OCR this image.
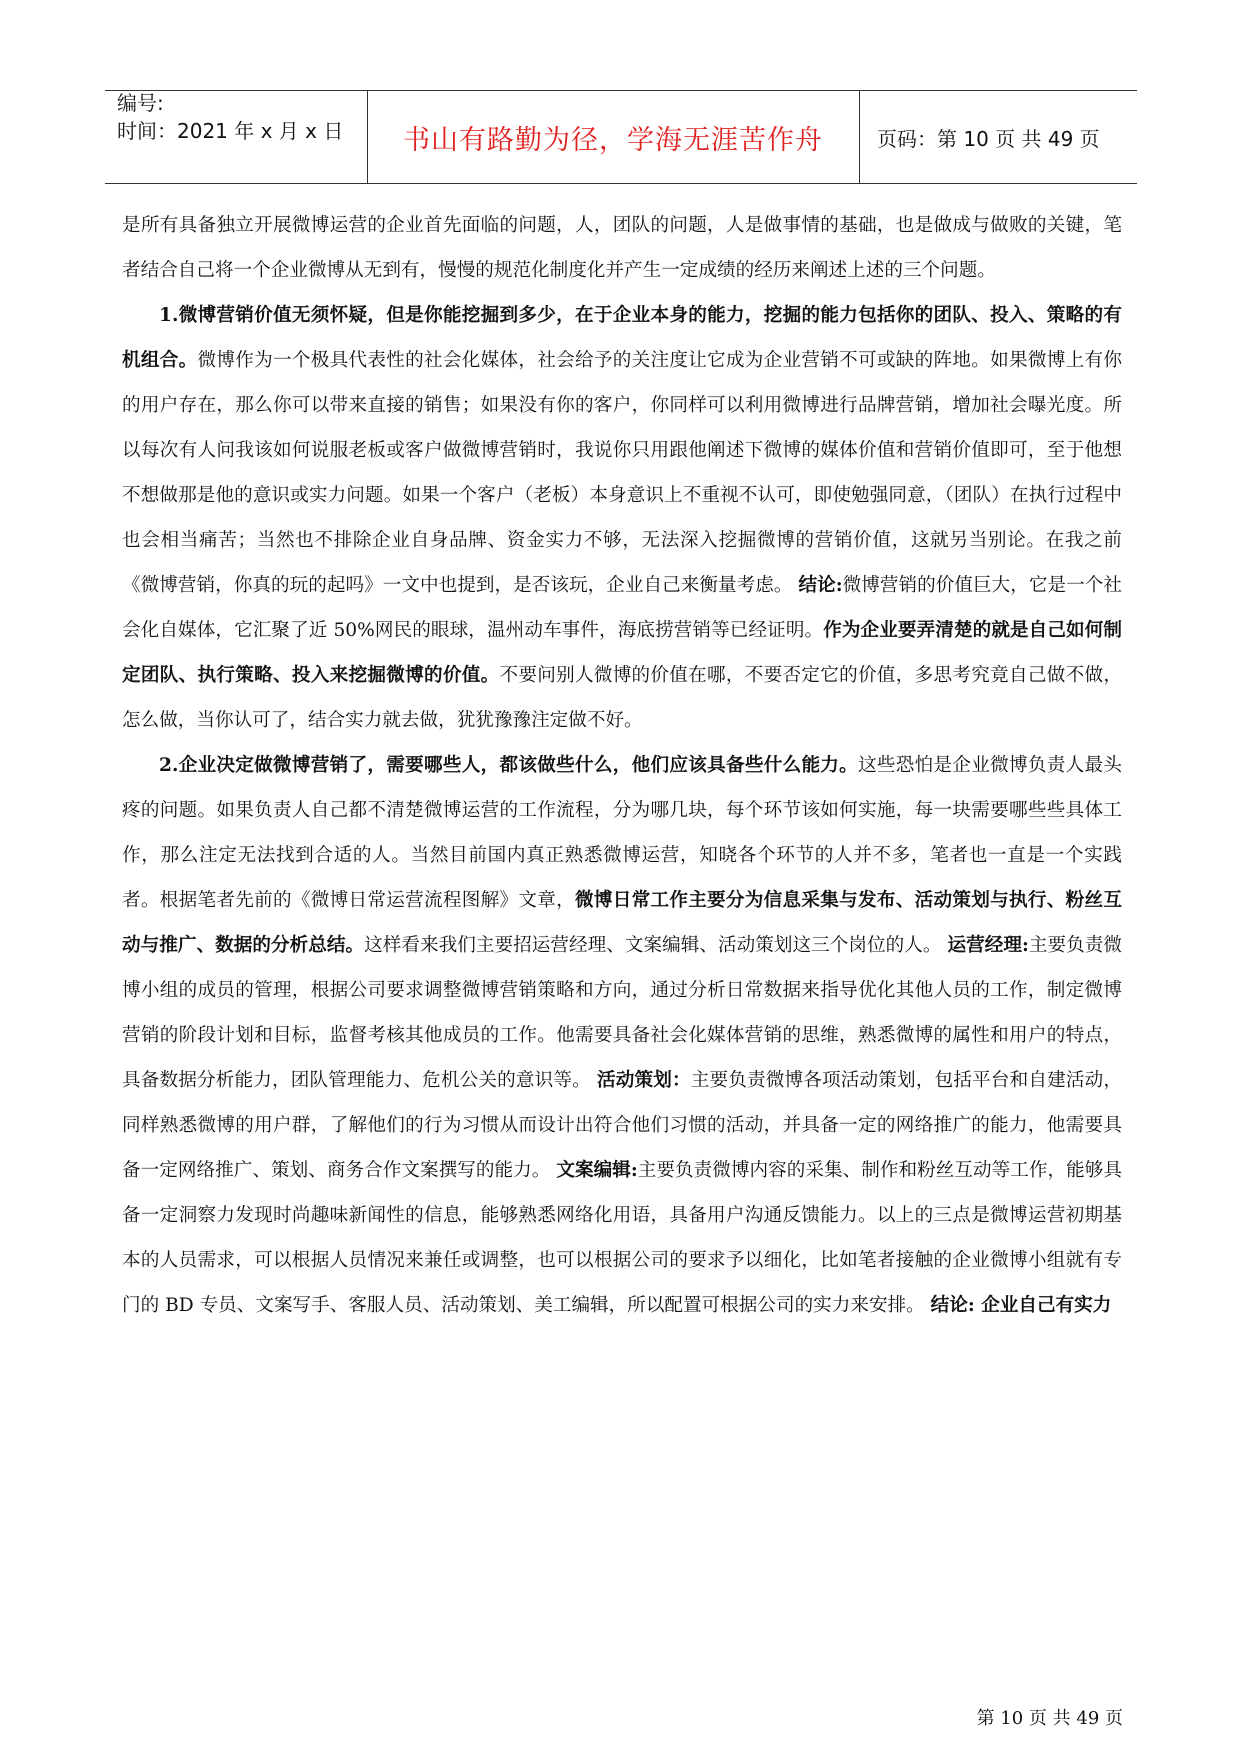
编号:
时间：2021 年 x 月 x 日 书山有路勤为径，学海无涯苦作舟	页码：第 10 页 共 49 页

是所有具备独立开展微博运营的企业首先面临的问题，人，团队的问题，人是做事情的基础，也是做成与做败的关键，笔者结合自己将一个企业微博从无到有，慢慢的规范化制度化并产生一定成绩的经历来阐述上述的三个问题。

1.微博营销价值无须怀疑，但是你能挖掘到多少，在于企业本身的能力，挖掘的能力包括你的团队、投入、策略的有机组合。微博作为一个极具代表性的社会化媒体，社会给予的关注度让它成为企业营销不可或缺的阵地。如果微博上有你的用户存在，那么你可以带来直接的销售；如果没有你的客户，你同样可以利用微博进行品牌营销，增加社会曝光度。所以每次有人问我该如何说服老板或客户做微博营销时，我说你只用跟他阐述下微博的媒体价值和营销价值即可，至于他想不想做那是他的意识或实力问题。如果一个客户（老板）本身意识上不重视不认可，即使勉强同意，（团队）在执行过程中也会相当痛苦；当然也不排除企业自身品牌、资金实力不够，无法深入挖掘微博的营销价值，这就另当别论。在我之前《微博营销，你真的玩的起吗》一文中也提到，是否该玩，企业自己来衡量考虑。 结论:微博营销的价值巨大，它是一个社会化自媒体，它汇聚了近 50%网民的眼球，温州动车事件，海底捞营销等已经证明。作为企业要弄清楚的就是自己如何制定团队、执行策略、投入来挖掘微博的价值。不要问别人微博的价值在哪，不要否定它的价值，多思考究竟自己做不做，怎么做，当你认可了，结合实力就去做，犹犹豫豫注定做不好。

2.企业决定做微博营销了，需要哪些人，都该做些什么，他们应该具备些什么能力。这些恐怕是企业微博负责人最头疼的问题。如果负责人自己都不清楚微博运营的工作流程，分为哪几块，每个环节该如何实施，每一块需要哪些些具体工作，那么注定无法找到合适的人。当然目前国内真正熟悉微博运营，知晓各个环节的人并不多，笔者也一直是一个实践者。根据笔者先前的《微博日常运营流程图解》文章，微博日常工作主要分为信息采集与发布、活动策划与执行、粉丝互动与推广、数据的分析总结。这样看来我们主要招运营经理、文案编辑、活动策划这三个岗位的人。 运营经理:主要负责微博小组的成员的管理，根据公司要求调整微博营销策略和方向，通过分析日常数据来指导优化其他人员的工作，制定微博营销的阶段计划和目标，监督考核其他成员的工作。他需要具备社会化媒体营销的思维，熟悉微博的属性和用户的特点，具备数据分析能力，团队管理能力、危机公关的意识等。 活动策划：主要负责微博各项活动策划，包括平台和自建活动，同样熟悉微博的用户群，了解他们的行为习惯从而设计出符合他们习惯的活动，并具备一定的网络推广的能力，他需要具备一定网络推广、策划、商务合作文案撰写的能力。 文案编辑:主要负责微博内容的采集、制作和粉丝互动等工作，能够具备一定洞察力发现时尚趣味新闻性的信息，能够熟悉网络化用语，具备用户沟通反馈能力。以上的三点是微博运营初期基本的人员需求，可以根据人员情况来兼任或调整，也可以根据公司的要求予以细化，比如笔者接触的企业微博小组就有专门的 BD 专员、文案写手、客服人员、活动策划、美工编辑，所以配置可根据公司的实力来安排。 结论: 企业自己有实力

第 10 页 共 49 页
